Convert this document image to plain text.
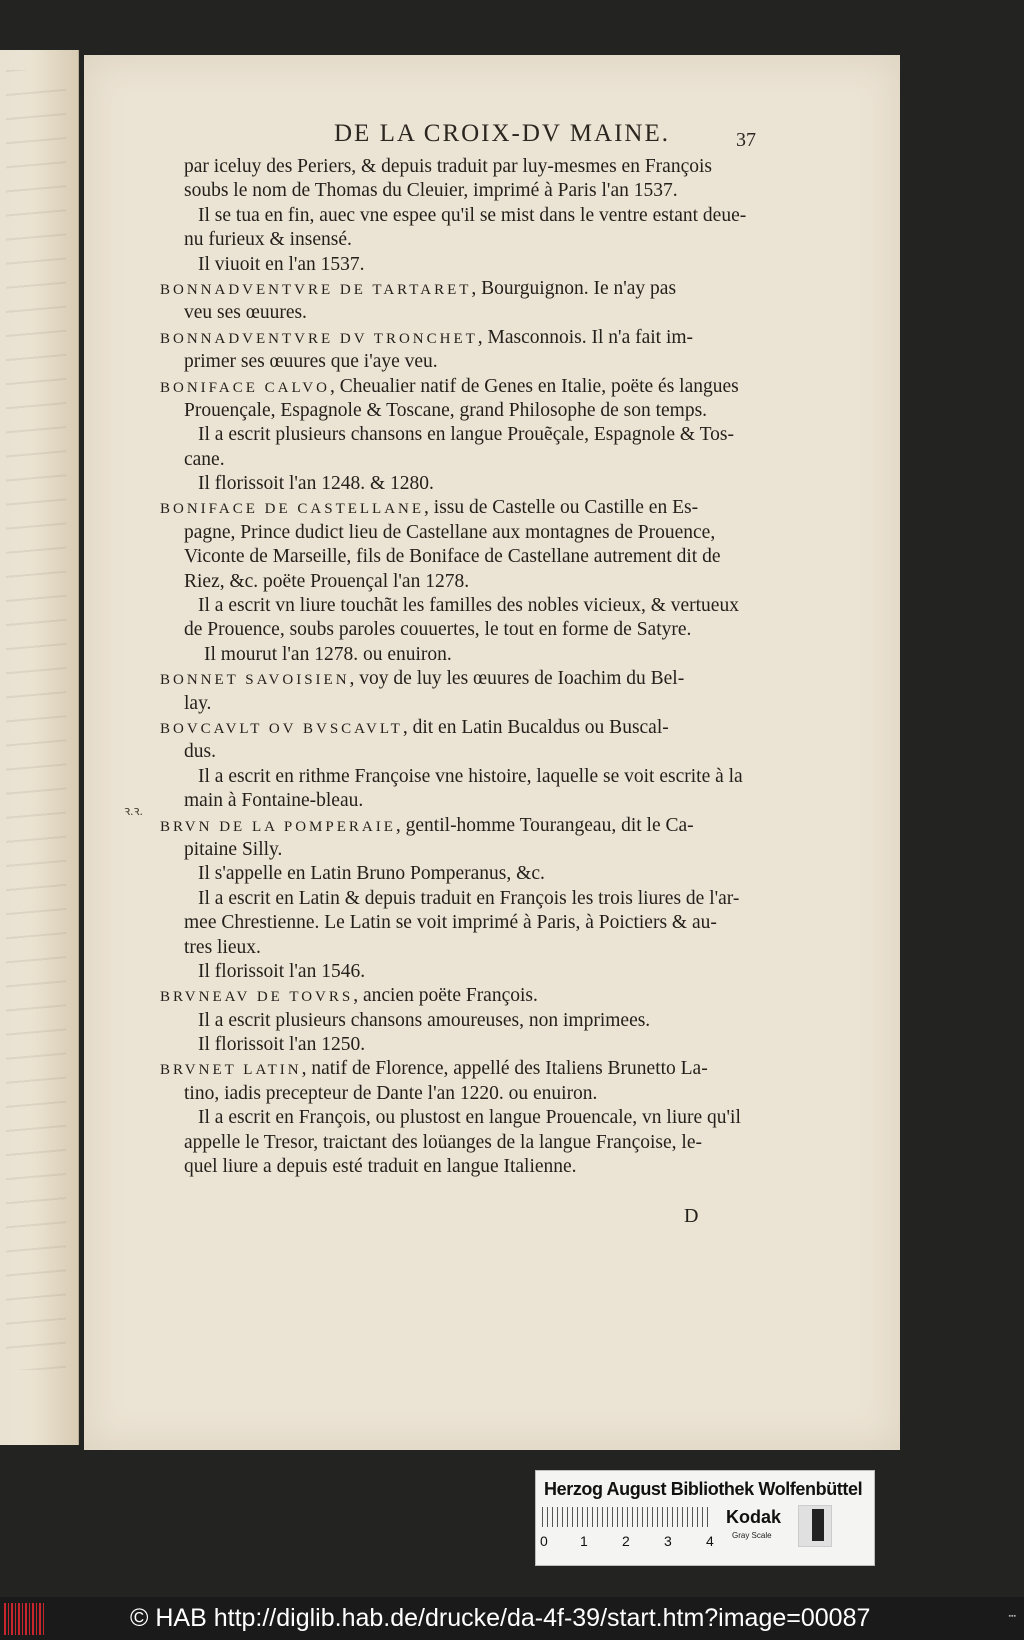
DE LA CROIX-DV MAINE.	37
par iceluy des Periers, & depuis traduit par luy-mesmes en François
soubs le nom de Thomas du Cleuier, imprimé à Paris l'an 1537.
Il se tua en fin, auec vne espee qu'il se mist dans le ventre estant deue-
nu furieux & insensé.
Il viuoit en l'an 1537.
BONNADVENTVRE DE TARTARET, Bourguignon. Ie n'ay pas
veu ses œuures.
BONNADVENTVRE DV TRONCHET, Masconnois. Il n'a fait im-
primer ses œuures que i'aye veu.
BONIFACE CALVO, Cheualier natif de Genes en Italie, poëte és langues
Prouençale, Espagnole & Toscane, grand Philosophe de son temps.
Il a escrit plusieurs chansons en langue Prouẽçale, Espagnole & Tos-
cane.
Il florissoit l'an 1248. & 1280.
BONIFACE DE CASTELLANE, issu de Castelle ou Castille en Es-
pagne, Prince dudict lieu de Castellane aux montagnes de Prouence,
Viconte de Marseille, fils de Boniface de Castellane autrement dit de
Riez, &c. poëte Prouençal l'an 1278.
Il a escrit vn liure touchãt les familles des nobles vicieux, & vertueux
de Prouence, soubs paroles couuertes, le tout en forme de Satyre.
Il mourut l'an 1278. ou enuiron.
BONNET SAVOISIEN, voy de luy les œuures de Ioachim du Bel-
lay.
BOVCAVLT OV BVSCAVLT, dit en Latin Bucaldus ou Buscal-
dus.
Il a escrit en rithme Françoise vne histoire, laquelle se voit escrite à la
main à Fontaine-bleau.
BRVN DE LA POMPERAIE, gentil-homme Tourangeau, dit le Ca-
pitaine Silly.
Il s'appelle en Latin Bruno Pomperanus, &c.
Il a escrit en Latin & depuis traduit en François les trois liures de l'ar-
mee Chrestienne. Le Latin se voit imprimé à Paris, à Poictiers & au-
tres lieux.
Il florissoit l'an 1546.
BRVNEAV DE TOVRS, ancien poëte François.
Il a escrit plusieurs chansons amoureuses, non imprimees.
Il florissoit l'an 1250.
BRVNET LATIN, natif de Florence, appellé des Italiens Brunetto La-
tino, iadis precepteur de Dante l'an 1220. ou enuiron.
Il a escrit en François, ou plustost en langue Prouencale, vn liure qu'il
appelle le Tresor, traictant des loüanges de la langue Françoise, le-
quel liure a depuis esté traduit en langue Italienne.
ꝛ.ꝛ.
D
Herzog August Bibliothek Wolfenbüttel
0 1 2 3 4
Kodak
Gray Scale
© HAB http://diglib.hab.de/drucke/da-4f-39/start.htm?image=00087	▪▪▪
